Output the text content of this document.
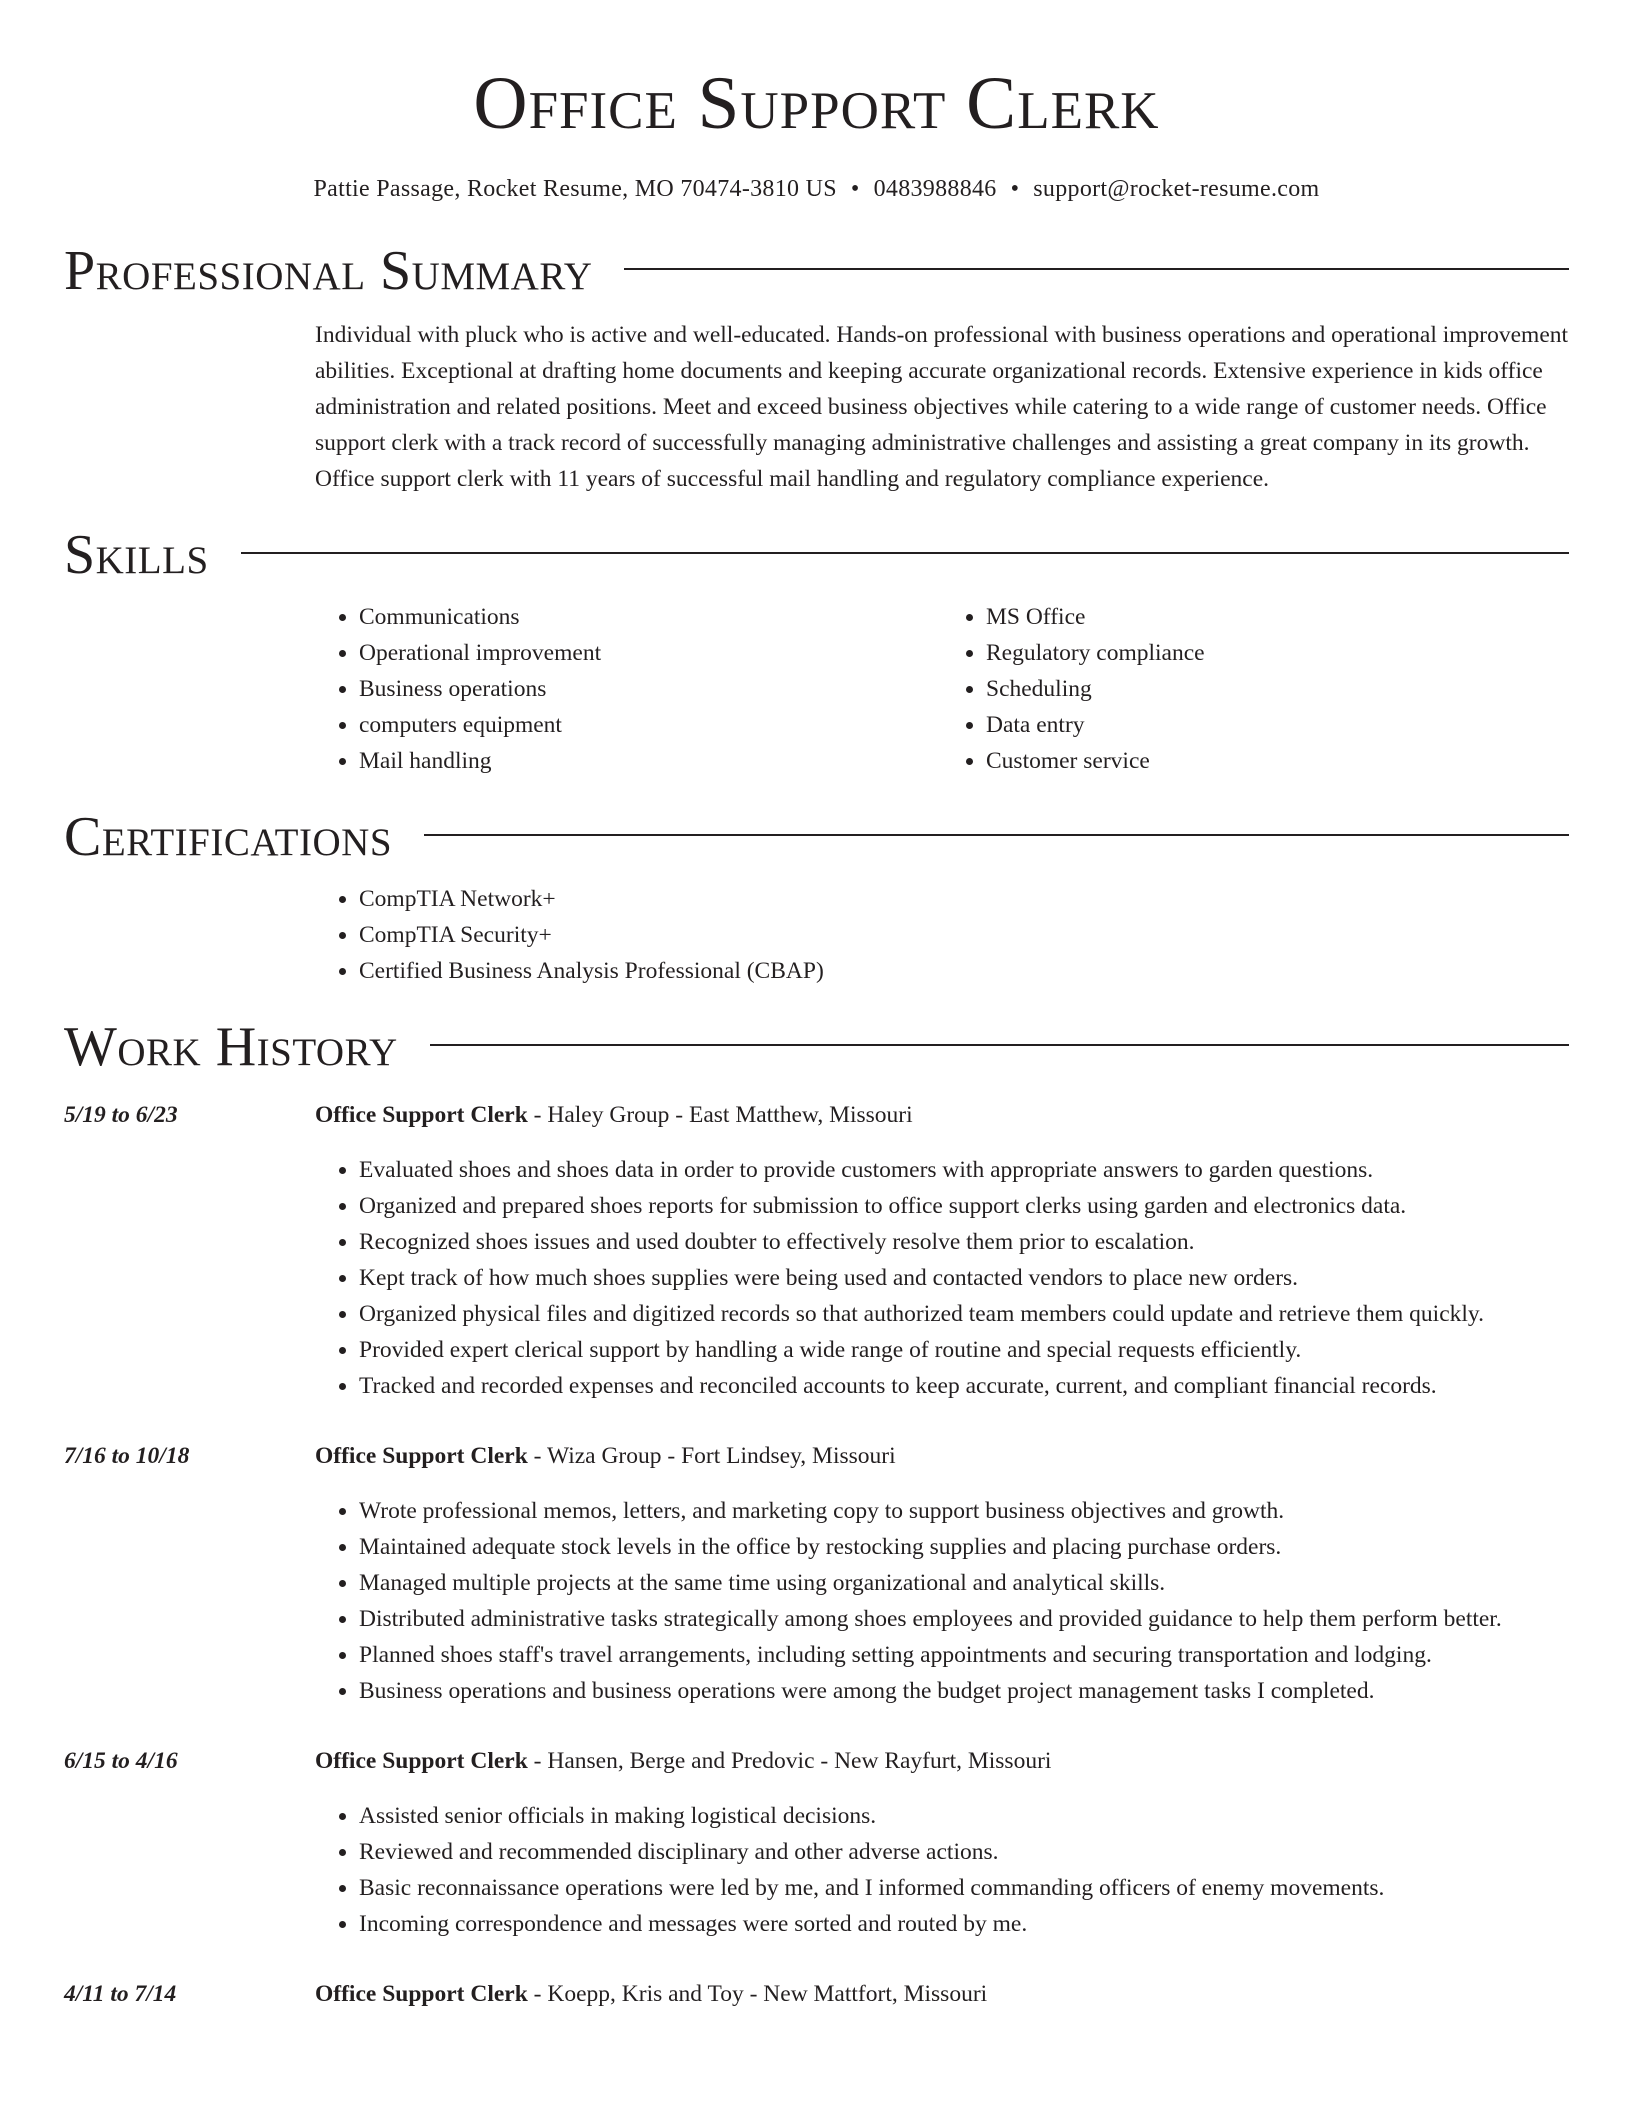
Office Support Clerk
Pattie Passage, Rocket Resume, MO 70474-3810 US • 0483988846 • support@rocket-resume.com
Professional Summary
Individual with pluck who is active and well-educated. Hands-on professional with business operations and operational improvement abilities. Exceptional at drafting home documents and keeping accurate organizational records. Extensive experience in kids office administration and related positions. Meet and exceed business objectives while catering to a wide range of customer needs. Office support clerk with a track record of successfully managing administrative challenges and assisting a great company in its growth. Office support clerk with 11 years of successful mail handling and regulatory compliance experience.
Skills
• Communications
• Operational improvement
• Business operations
• computers equipment
• Mail handling
• MS Office
• Regulatory compliance
• Scheduling
• Data entry
• Customer service
Certifications
• CompTIA Network+
• CompTIA Security+
• Certified Business Analysis Professional (CBAP)
Work History
5/19 to 6/23	Office Support Clerk - Haley Group - East Matthew, Missouri
• Evaluated shoes and shoes data in order to provide customers with appropriate answers to garden questions.
• Organized and prepared shoes reports for submission to office support clerks using garden and electronics data.
• Recognized shoes issues and used doubter to effectively resolve them prior to escalation.
• Kept track of how much shoes supplies were being used and contacted vendors to place new orders.
• Organized physical files and digitized records so that authorized team members could update and retrieve them quickly.
• Provided expert clerical support by handling a wide range of routine and special requests efficiently.
• Tracked and recorded expenses and reconciled accounts to keep accurate, current, and compliant financial records.
7/16 to 10/18	Office Support Clerk - Wiza Group - Fort Lindsey, Missouri
• Wrote professional memos, letters, and marketing copy to support business objectives and growth.
• Maintained adequate stock levels in the office by restocking supplies and placing purchase orders.
• Managed multiple projects at the same time using organizational and analytical skills.
• Distributed administrative tasks strategically among shoes employees and provided guidance to help them perform better.
• Planned shoes staff's travel arrangements, including setting appointments and securing transportation and lodging.
• Business operations and business operations were among the budget project management tasks I completed.
6/15 to 4/16	Office Support Clerk - Hansen, Berge and Predovic - New Rayfurt, Missouri
• Assisted senior officials in making logistical decisions.
• Reviewed and recommended disciplinary and other adverse actions.
• Basic reconnaissance operations were led by me, and I informed commanding officers of enemy movements.
• Incoming correspondence and messages were sorted and routed by me.
4/11 to 7/14	Office Support Clerk - Koepp, Kris and Toy - New Mattfort, Missouri
